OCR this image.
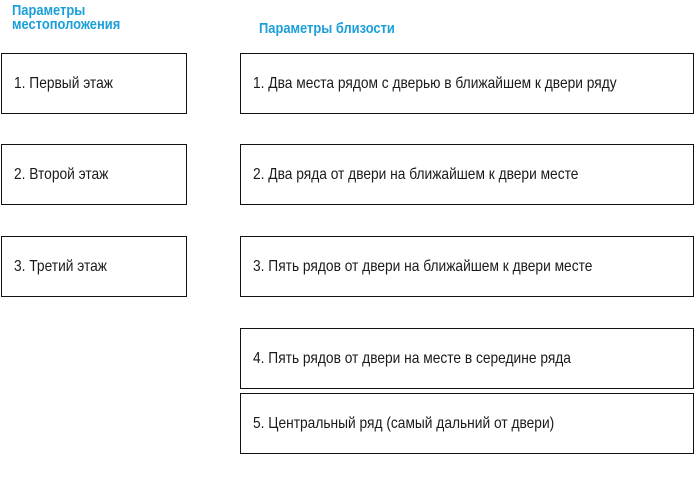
Параметры
местоположения	Параметры близости
1. Первый этаж
2. Второй этаж
3. Третий этаж
1. Два места рядом с дверью в ближайшем к двери ряду
2. Два ряда от двери на ближайшем к двери месте
3. Пять рядов от двери на ближайшем к двери месте
4. Пять рядов от двери на месте в середине ряда
5. Центральный ряд (самый дальний от двери)
